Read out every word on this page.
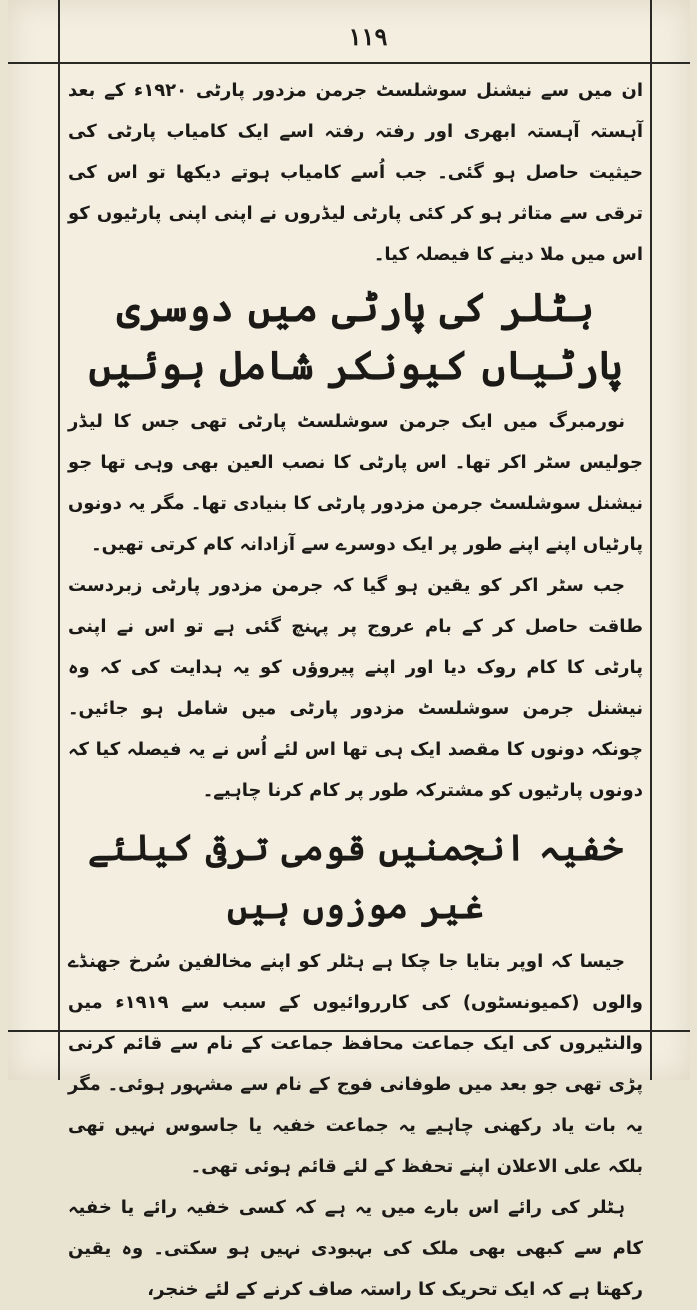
۱۱۹

ان میں سے نیشنل سوشلسٹ جرمن مزدور پارٹی ۱۹۲۰ء کے بعد آہستہ آہستہ ابھری اور رفتہ رفتہ اسے ایک کامیاب پارٹی کی حیثیت حاصل ہو گئی۔ جب اُسے کامیاب ہوتے دیکھا تو اس کی ترقی سے متاثر ہو کر کئی پارٹی لیڈروں نے اپنی اپنی پارٹیوں کو اس میں ملا دینے کا فیصلہ کیا۔

ہٹلر کی پارٹی میں دوسری پارٹیاں کیونکر شامل ہوئیں

نورمبرگ میں ایک جرمن سوشلسٹ پارٹی تھی جس کا لیڈر جولیس سٹر اکر تھا۔ اس پارٹی کا نصب العین بھی وہی تھا جو نیشنل سوشلسٹ جرمن مزدور پارٹی کا بنیادی تھا۔ مگر یہ دونوں پارٹیاں اپنے اپنے طور پر ایک دوسرے سے آزادانہ کام کرتی تھیں۔

جب سٹر اکر کو یقین ہو گیا کہ جرمن مزدور پارٹی زبردست طاقت حاصل کر کے بام عروج پر پہنچ گئی ہے تو اس نے اپنی پارٹی کا کام روک دیا اور اپنے پیروؤں کو یہ ہدایت کی کہ وہ نیشنل جرمن سوشلسٹ مزدور پارٹی میں شامل ہو جائیں۔ چونکہ دونوں کا مقصد ایک ہی تھا اس لئے اُس نے یہ فیصلہ کیا کہ دونوں پارٹیوں کو مشترکہ طور پر کام کرنا چاہیے۔

خفیہ انجمنیں قومی ترقی کیلئے غیر موزوں ہیں

جیسا کہ اوپر بتایا جا چکا ہے ہٹلر کو اپنے مخالفین سُرخ جھنڈے والوں (کمیونسٹوں) کی کارروائیوں کے سبب سے ۱۹۱۹ء میں والنٹیروں کی ایک جماعت محافظ جماعت کے نام سے قائم کرنی پڑی تھی جو بعد میں طوفانی فوج کے نام سے مشہور ہوئی۔ مگر یہ بات یاد رکھنی چاہیے یہ جماعت خفیہ یا جاسوس نہیں تھی بلکہ علی الاعلان اپنے تحفظ کے لئے قائم ہوئی تھی۔

ہٹلر کی رائے اس بارے میں یہ ہے کہ کسی خفیہ رائے یا خفیہ کام سے کبھی بھی ملک کی بہبودی نہیں ہو سکتی۔ وہ یقین رکھتا ہے کہ ایک تحریک کا راستہ صاف کرنے کے لئے خنجر،
